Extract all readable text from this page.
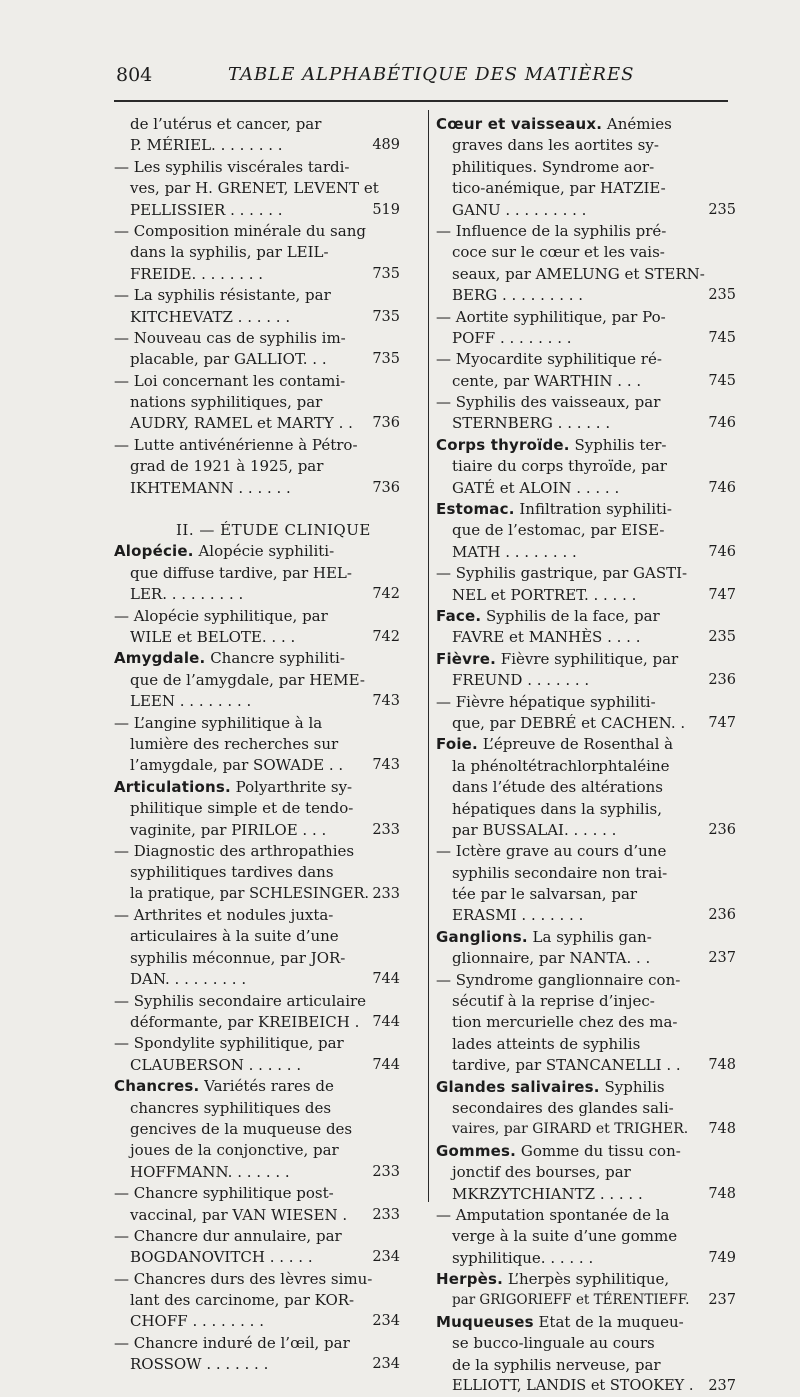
804	TABLE ALPHABÉTIQUE DES MATIÈRES
de l’utérus et cancer, par
P. MÉRIEL. . . . . . . .	489
— Les syphilis viscérales tardi-
ves, par H. GRENET, LEVENT et
PELLISSIER . . . . . .	519
— Composition minérale du sang
dans la syphilis, par LEIL-
FREIDE. . . . . . . .	735
— La syphilis résistante, par
KITCHEVATZ . . . . . .	735
— Nouveau cas de syphilis im-
placable, par GALLIOT. . .	735
— Loi concernant les contami-
nations syphilitiques, par
AUDRY, RAMEL et MARTY . . 736
— Lutte antivénérienne à Pétro-
grad de 1921 à 1925, par
IKHTEMANN . . . . . .	736
II. — ÉTUDE CLINIQUE
Alopécie. Alopécie syphiliti-
que diffuse tardive, par HEL-
LER. . . . . . . . .	742
— Alopécie syphilitique, par
WILE et BELOTE. . . .	742
Amygdale. Chancre syphiliti-
que de l’amygdale, par HEME-
LEEN . . . . . . . .	743
— L’angine syphilitique à la
lumière des recherches sur
l’amygdale, par SOWADE . . 743
Articulations. Polyarthrite sy-
philitique simple et de tendo-
vaginite, par PIRILOE . . .	233
— Diagnostic des arthropathies
syphilitiques tardives dans
la pratique, par SCHLESINGER. 233
— Arthrites et nodules juxta-
articulaires à la suite d’une
syphilis méconnue, par JOR-
DAN. . . . . . . . .	744
— Syphilis secondaire articulaire
déformante, par KREIBEICH . 744
— Spondylite syphilitique, par
CLAUBERSON . . . . . .	744
Chancres. Variétés rares de
chancres syphilitiques des
gencives de la muqueuse des
joues de la conjonctive, par
HOFFMANN. . . . . . .	233
— Chancre syphilitique post-
vaccinal, par VAN WIESEN . 233
— Chancre dur annulaire, par
BOGDANOVITCH . . . . .	234
— Chancres durs des lèvres simu-
lant des carcinome, par KOR-
CHOFF . . . . . . . .	234
— Chancre induré de l’œil, par
ROSSOW . . . . . . .	234
Cœur et vaisseaux. Anémies
graves dans les aortites sy-
philitiques. Syndrome aor-
tico-anémique, par HATZIE-
GANU . . . . . . . . .	235
— Influence de la syphilis pré-
coce sur le cœur et les vais-
seaux, par AMELUNG et STERN-
BERG . . . . . . . . .	235
— Aortite syphilitique, par Po-
POFF . . . . . . . .	745
— Myocardite syphilitique ré-
cente, par WARTHIN . . .	745
— Syphilis des vaisseaux, par
STERNBERG . . . . . .	746
Corps thyroïde. Syphilis ter-
tiaire du corps thyroïde, par
GATÉ et ALOIN . . . . .	746
Estomac. Infiltration syphiliti-
que de l’estomac, par EISE-
MATH . . . . . . . .	746
— Syphilis gastrique, par GASTI-
NEL et PORTRET. . . . . .	747
Face. Syphilis de la face, par
FAVRE et MANHÈS . . . .	235
Fièvre. Fièvre syphilitique, par
FREUND . . . . . . .	236
— Fièvre hépatique syphiliti-
que, par DEBRÉ et CACHEN. . 747
Foie. L’épreuve de Rosenthal à
la phénoltétrachlorphtaléine
dans l’étude des altérations
hépatiques dans la syphilis,
par BUSSALAI. . . . . .	236
— Ictère grave au cours d’une
syphilis secondaire non trai-
tée par le salvarsan, par
ERASMI . . . . . . .	236
Ganglions. La syphilis gan-
glionnaire, par NANTA. . .	237
— Syndrome ganglionnaire con-
sécutif à la reprise d’injec-
tion mercurielle chez des ma-
lades atteints de syphilis
tardive, par STANCANELLI . . 748
Glandes salivaires. Syphilis
secondaires des glandes sali-
vaires, par GIRARD et TRIGHER. 748
Gommes. Gomme du tissu con-
jonctif des bourses, par
MKRZYTCHIANTZ . . . . .	748
— Amputation spontanée de la
verge à la suite d’une gomme
syphilitique. . . . . .	749
Herpès. L’herpès syphilitique,
par GRIGORIEFF et TÉRENTIEFF. 237
Muqueuses Etat de la muqueu-
se bucco-linguale au cours
de la syphilis nerveuse, par
ELLIOTT, LANDIS et STOOKEY . 237
